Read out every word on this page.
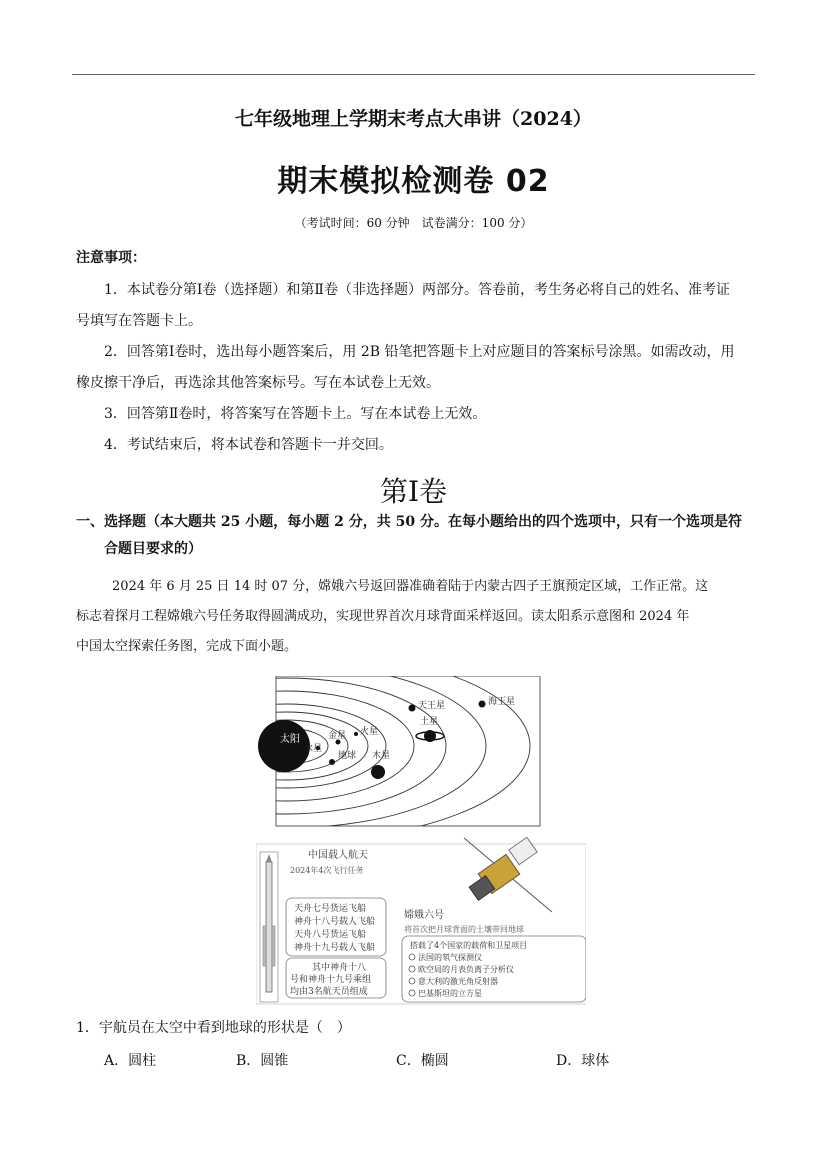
七年级地理上学期末考点大串讲（2024）
期末模拟检测卷 02
（考试时间：60 分钟　试卷满分：100 分）
注意事项：
1．本试卷分第Ⅰ卷（选择题）和第Ⅱ卷（非选择题）两部分。答卷前，考生务必将自己的姓名、准考证
号填写在答题卡上。
2．回答第Ⅰ卷时，选出每小题答案后，用 2B 铅笔把答题卡上对应题目的答案标号涂黑。如需改动，用
橡皮擦干净后，再选涂其他答案标号。写在本试卷上无效。
3．回答第Ⅱ卷时，将答案写在答题卡上。写在本试卷上无效。
4．考试结束后，将本试卷和答题卡一并交回。
第Ⅰ卷
一、选择题（本大题共 25 小题，每小题 2 分，共 50 分。在每小题给出的四个选项中，只有一个选项是符
合题目要求的）
2024 年 6 月 25 日 14 时 07 分，嫦娥六号返回器准确着陆于内蒙古四子王旗预定区域，工作正常。这
标志着探月工程嫦娥六号任务取得圆满成功，实现世界首次月球背面采样返回。读太阳系示意图和 2024 年
中国太空探索任务图，完成下面小题。
太阳
水星
金星
地球
火星
木星
土星
天王星	海王星
中国载人航天
2024年4次飞行任务
天舟七号货运飞船
神舟十八号载人飞船
天舟八号货运飞船
神舟十九号载人飞船
其中神舟十八
号和神舟十九号乘组
均由3名航天员组成
嫦娥六号
将首次把月球背面的土壤带回地球
搭载了4个国家的载荷和卫星项目
法国的氡气探测仪
欧空局的月表负离子分析仪
意大利的激光角反射器
巴基斯坦的立方星
1．宇航员在太空中看到地球的形状是（　）
A．圆柱	B．圆锥	C．椭圆	D．球体
